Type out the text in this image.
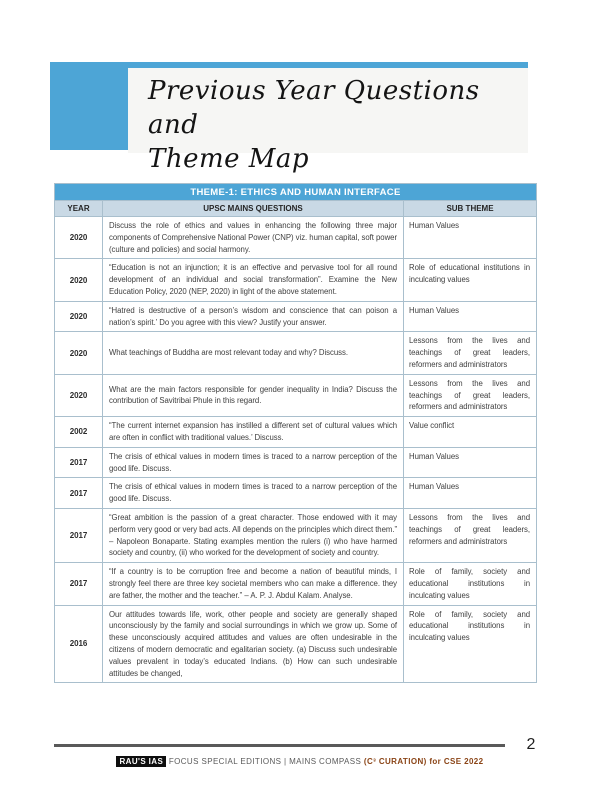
Previous Year Questions and
Theme Map
THEME-1: ETHICS AND HUMAN INTERFACE		
YEAR	UPSC MAINS QUESTIONS	SUB THEME
2020	Discuss the role of ethics and values in enhancing the following three major components of Comprehensive National Power (CNP) viz. human capital, soft power (culture and policies) and social harmony.	Human Values
2020	“Education is not an injunction; it is an effective and pervasive tool for all round development of an individual and social transformation”. Examine the New Education Policy, 2020 (NEP, 2020) in light of the above statement.	Role of educational institutions in inculcating values
2020	“Hatred is destructive of a person’s wisdom and conscience that can poison a nation’s spirit.’ Do you agree with this view? Justify your answer.	Human Values
2020	What teachings of Buddha are most relevant today and why? Discuss.	Lessons from the lives and teachings of great leaders, reformers and administrators
2020	What are the main factors responsible for gender inequality in India? Discuss the contribution of Savitribai Phule in this regard.	Lessons from the lives and teachings of great leaders, reformers and administrators
2002	“The current internet expansion has instilled a different set of cultural values which are often in conflict with traditional values.’ Discuss.	Value conflict
2017	The crisis of ethical values in modern times is traced to a narrow perception of the good life. Discuss.	Human Values
2017	The crisis of ethical values in modern times is traced to a narrow perception of the good life. Discuss.	Human Values
2017	“Great ambition is the passion of a great character. Those endowed with it may perform very good or very bad acts. All depends on the principles which direct them.” – Napoleon Bonaparte. Stating examples mention the rulers (i) who have harmed society and country, (ii) who worked for the development of society and country.	Lessons from the lives and teachings of great leaders, reformers and administrators
2017	“If a country is to be corruption free and become a nation of beautiful minds, I strongly feel there are three key societal members who can make a difference. they are father, the mother and the teacher.” – A. P. J. Abdul Kalam. Analyse.	Role of family, society and educational institutions in inculcating values
2016	Our attitudes towards life, work, other people and society are generally shaped unconsciously by the family and social surroundings in which we grow up. Some of these unconsciously acquired attitudes and values are often undesirable in the citizens of modern democratic and egalitarian society. (a) Discuss such undesirable values prevalent in today’s educated Indians. (b) How can such undesirable attitudes be changed,	Role of family, society and educational institutions in inculcating values
2
RAU'S IAS FOCUS SPECIAL EDITIONS | MAINS COMPASS (C³ CURATION) for CSE 2022
